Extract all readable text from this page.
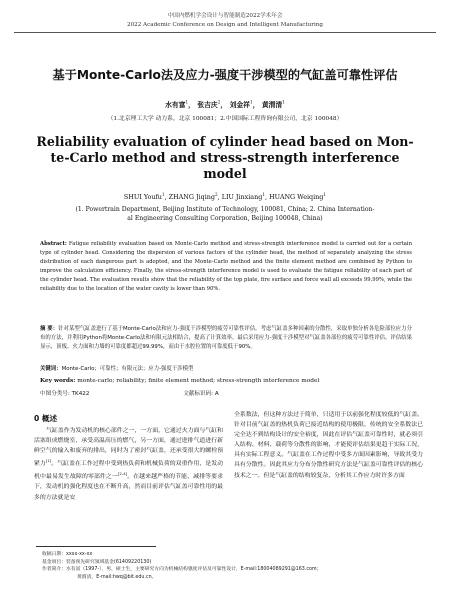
中国内燃机学会设计与智能制造2022学术年会
2022 Academic Conference on Design and Intelligent Manufacturing
基于Monte-Carlo法及应力-强度干涉模型的气缸盖可靠性评估
水有富$^1$， 张吉庆$^2$， 刘金祥$^1$， 黄渭清$^1$
（1.北京理工大学 动力系，北京 100081；2.中国国际工程咨询有限公司，北京 100048）
Reliability evaluation of cylinder head based on Mon-
te-Carlo method and stress-strength interference
model
SHUI Youfu$^1$, ZHANG Jiqing$^2$, LIU Jinxiang$^1$, HUANG Weiqing$^1$
(1. Powertrain Department, Beijing Institute of Technology, 100081, China; 2. China Internation-
al Engineering Consulting Corporation, Beijing 100048, China)

Abstract: Fatigue reliability evaluation based on Monte-Carlo method and stress-strength interference model is carried out for a certain type of cylinder head. Considering the dispersion of various factors of the cylinder head, the method of separately analyzing the stress distribution of each dangerous part is adopted, and the Monte-Carlo method and the finite element method are combined by Python to improve the calculation efficiency. Finally, the stress-strength interference model is used to evaluate the fatigue reliability of each part of the cylinder head. The evaluation results show that the reliability of the top plate, fire surface and force wall all exceeds 99.99%, while the reliability due to the location of the water cavity is lower than 90%.

摘 要：针对某型气缸盖进行了基于Monte-Carlo法和应力-强度干涉模型的疲劳可靠性评估。考虑气缸盖多种因素的分散性，采取单独分析各危险部位应力分布的方法，并利用Python将Monte-Carlo法和有限元法相结合，提高了计算效率。最后采用应力-强度干涉模型对气缸盖各部位的疲劳可靠性评估。评估结果显示，顶板、火力面和力墙的可靠度都超过99.99%，而由于水腔位置的可靠度低于90%。

关键词：Monte-Carlo；可靠性；有限元法；应力-强度干涉模型
Key words: monte-carlo; reliability; finite element method; stress-strength interference model
中图分类号: TK422	文献标识码: A
0 概述

气缸盖作为发动机的核心部件之一，一方面，它通过火力面与气缸和活塞组成燃烧室，承受高温高压的燃气，另一方面，通过进排气道进行新鲜空气的输入和废弃的排出，同时为了密封气缸盖，还承受很大的螺栓预紧力[1]。气缸盖在工作过程中受到热负荷和机械负荷的双重作用，是发动机中最易发生故障的零部件之一[2-4]。在越来越严格的节能、减排等要求下，发动机的强化程度也在不断升高，然而目前评估气缸盖可靠性用的最多的方法就是安

全系数法，但这种方法过于简单，只适用于以前强化程度较低的气缸盖。针对目前气缸盖的热机负荷已接近结构的使用极限，传统的安全系数法已完全达不到结构设计的安全裕度，因此在评估气缸盖可靠性时，就必须引入结构、材料、载荷等分散性的影响，才能使评估结果更趋于实际工况，具有实际工程意义。气缸盖在工作过程中受多方面因素影响，导致其受力具有分散性。因此其应力分布分散性研究方法是气缸盖可靠性评估的核心技术之一。但是气缸盖的结构较复杂，分析其工作应力时许多方面

收稿日期：xxxx-xx-xx

基金项目：装备预先研究领域基金(61409220130)

作者简介：水有富（1997-），男，硕士生，主要研究方向为机械结构强度评估及可靠性设计，E-mail:18004089291@163.com；

黄渭清，E-mail:hwq@bit.edu.cn。
